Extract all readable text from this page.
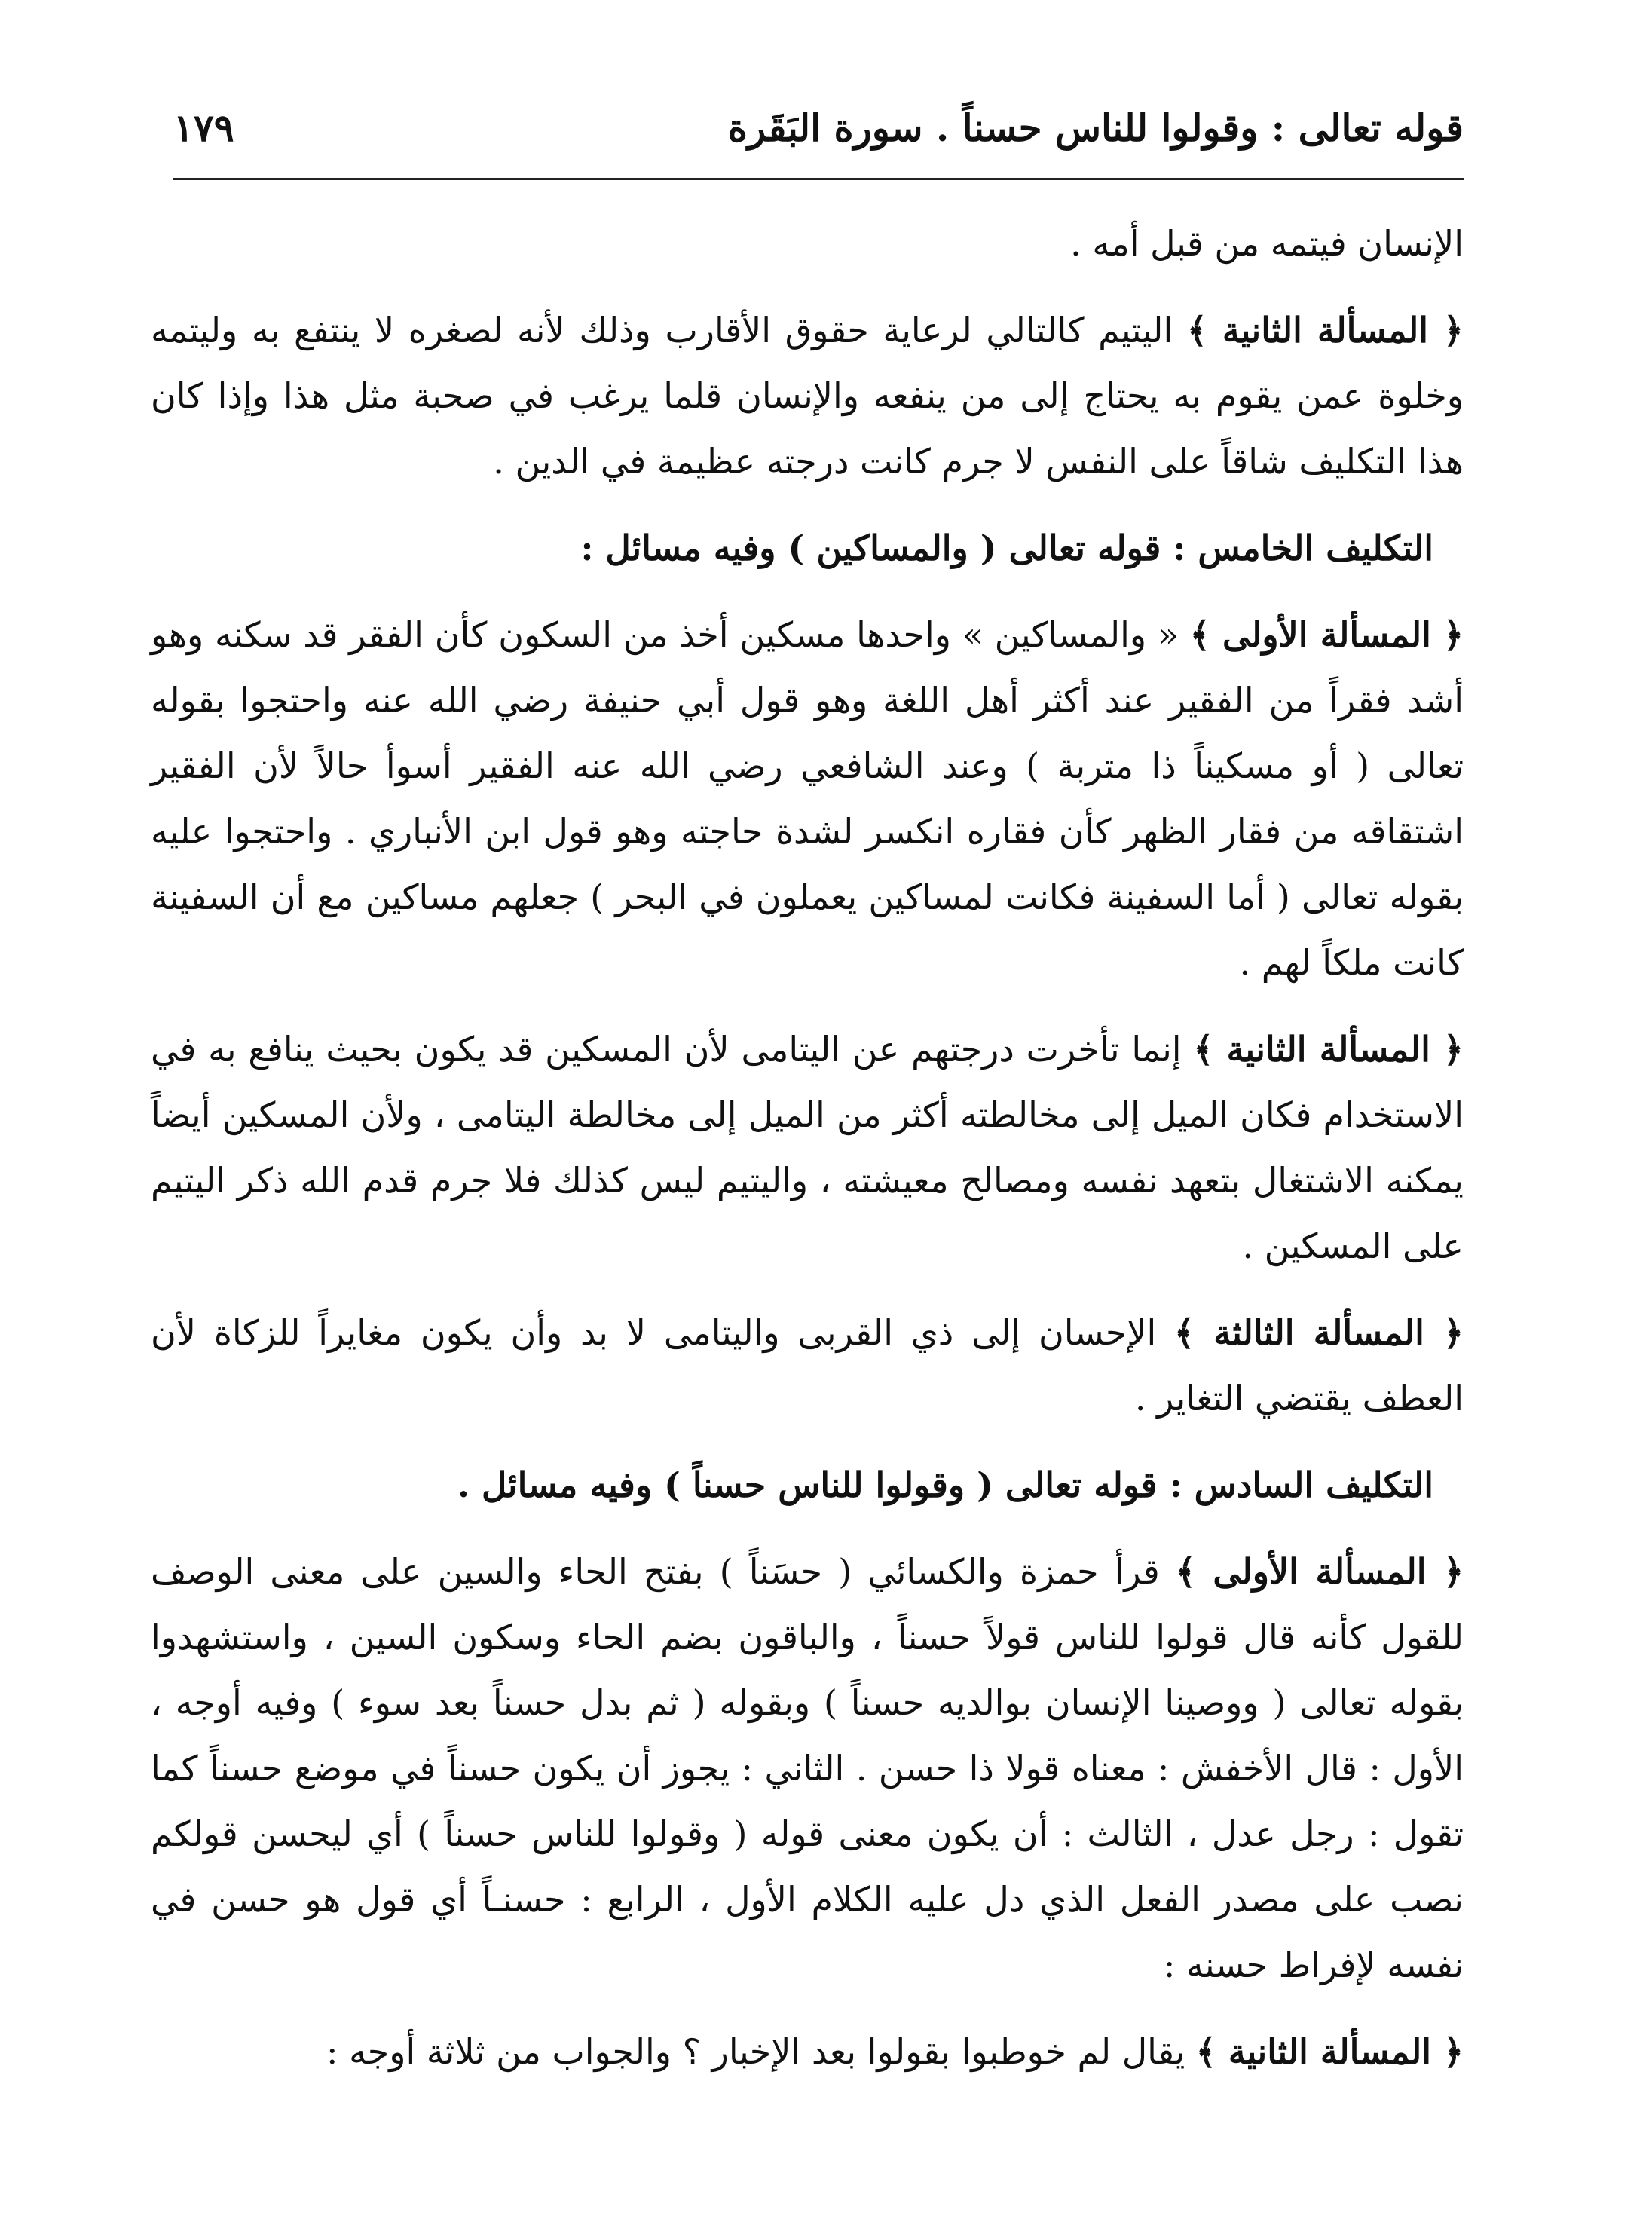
قوله تعالى : وقولوا للناس حسناً . سورة البَقَرة
١٧٩

الإنسان فيتمه من قبل أمه .

﴿ المسألة الثانية ﴾ اليتيم كالتالي لرعاية حقوق الأقارب وذلك لأنه لصغره لا ينتفع به وليتمه وخلوة عمن يقوم به يحتاج إلى من ينفعه والإنسان قلما يرغب في صحبة مثل هذا وإذا كان هذا التكليف شاقاً على النفس لا جرم كانت درجته عظيمة في الدين .

التكليف الخامس : قوله تعالى ( والمساكين ) وفيه مسائل :

﴿ المسألة الأولى ﴾ « والمساكين » واحدها مسكين أخذ من السكون كأن الفقر قد سكنه وهو أشد فقراً من الفقير عند أكثر أهل اللغة وهو قول أبي حنيفة رضي الله عنه واحتجوا بقوله تعالى ( أو مسكيناً ذا متربة ) وعند الشافعي رضي الله عنه الفقير أسوأ حالاً لأن الفقير اشتقاقه من فقار الظهر كأن فقاره انكسر لشدة حاجته وهو قول ابن الأنباري . واحتجوا عليه بقوله تعالى ( أما السفينة فكانت لمساكين يعملون في البحر ) جعلهم مساكين مع أن السفينة كانت ملكاً لهم .

﴿ المسألة الثانية ﴾ إنما تأخرت درجتهم عن اليتامى لأن المسكين قد يكون بحيث ينافع به في الاستخدام فكان الميل إلى مخالطته أكثر من الميل إلى مخالطة اليتامى ، ولأن المسكين أيضاً يمكنه الاشتغال بتعهد نفسه ومصالح معيشته ، واليتيم ليس كذلك فلا جرم قدم الله ذكر اليتيم على المسكين .

﴿ المسألة الثالثة ﴾ الإحسان إلى ذي القربى واليتامى لا بد وأن يكون مغايراً للزكاة لأن العطف يقتضي التغاير .

التكليف السادس : قوله تعالى ( وقولوا للناس حسناً ) وفيه مسائل .

﴿ المسألة الأولى ﴾ قرأ حمزة والكسائي ( حسَناً ) بفتح الحاء والسين على معنى الوصف للقول كأنه قال قولوا للناس قولاً حسناً ، والباقون بضم الحاء وسكون السين ، واستشهدوا بقوله تعالى ( ووصينا الإنسان بوالديه حسناً ) وبقوله ( ثم بدل حسناً بعد سوء ) وفيه أوجه ، الأول : قال الأخفش : معناه قولا ذا حسن . الثاني : يجوز أن يكون حسناً في موضع حسناً كما تقول : رجل عدل ، الثالث : أن يكون معنى قوله ( وقولوا للناس حسناً ) أي ليحسن قولكم نصب على مصدر الفعل الذي دل عليه الكلام الأول ، الرابع : حسنـاً أي قول هو حسن في نفسه لإفراط حسنه :

﴿ المسألة الثانية ﴾ يقال لم خوطبوا بقولوا بعد الإخبار ؟ والجواب من ثلاثة أوجه :
